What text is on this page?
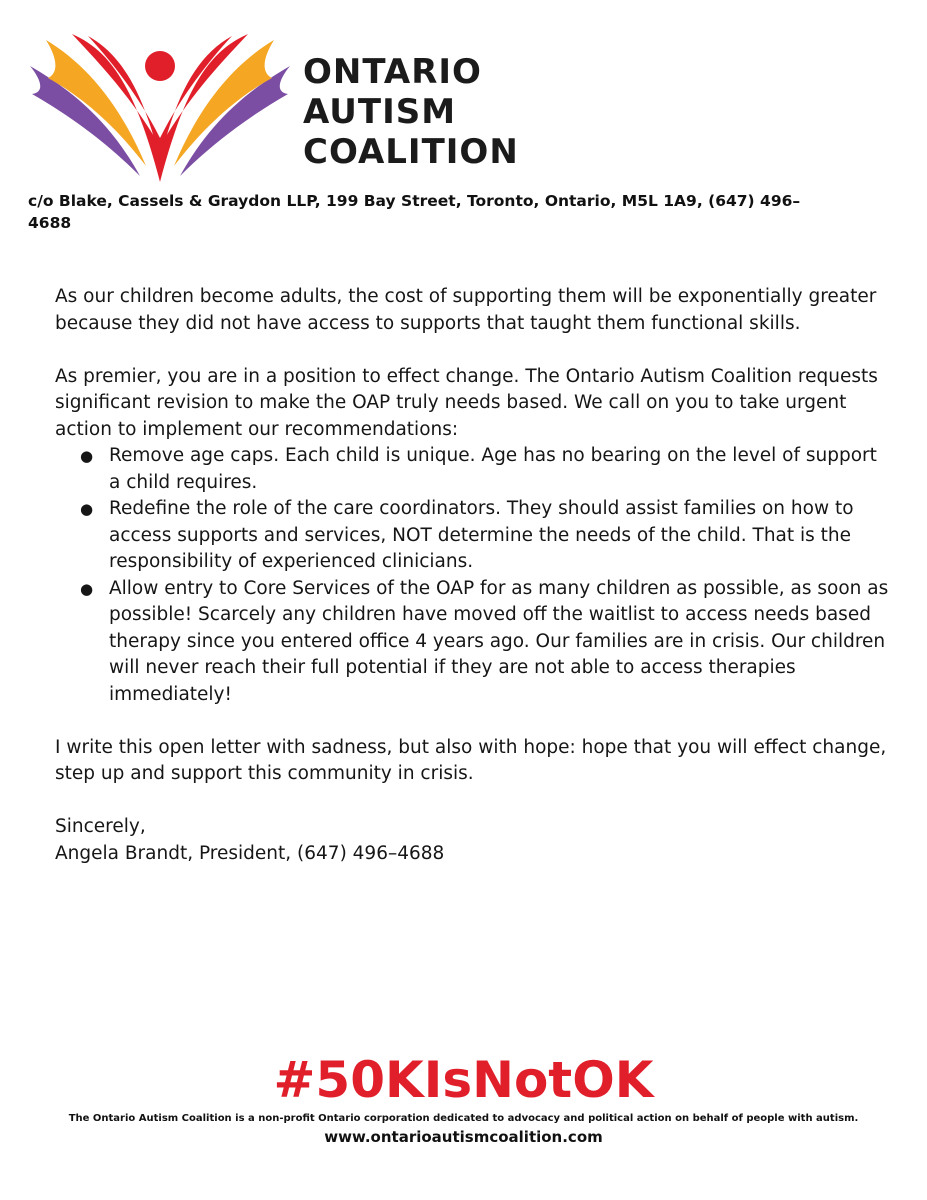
ONTARIO
AUTISM
COALITION
c/o Blake, Cassels & Graydon LLP, 199 Bay Street, Toronto, Ontario, M5L 1A9, (647) 496–4688

As our children become adults, the cost of supporting them will be exponentially greater because they did not have access to supports that taught them functional skills.

As premier, you are in a position to effect change. The Ontario Autism Coalition requests significant revision to make the OAP truly needs based. We call on you to take urgent action to implement our recommendations:

● Remove age caps. Each child is unique. Age has no bearing on the level of support a child requires.
● Redefine the role of the care coordinators. They should assist families on how to access supports and services, NOT determine the needs of the child. That is the responsibility of experienced clinicians.
● Allow entry to Core Services of the OAP for as many children as possible, as soon as possible! Scarcely any children have moved off the waitlist to access needs based therapy since you entered office 4 years ago. Our families are in crisis. Our children will never reach their full potential if they are not able to access therapies immediately!

I write this open letter with sadness, but also with hope: hope that you will effect change, step up and support this community in crisis.

Sincerely,

Angela Brandt, President, (647) 496–4688

#50KIsNotOK
The Ontario Autism Coalition is a non-profit Ontario corporation dedicated to advocacy and political action on behalf of people with autism.
www.ontarioautismcoalition.com
